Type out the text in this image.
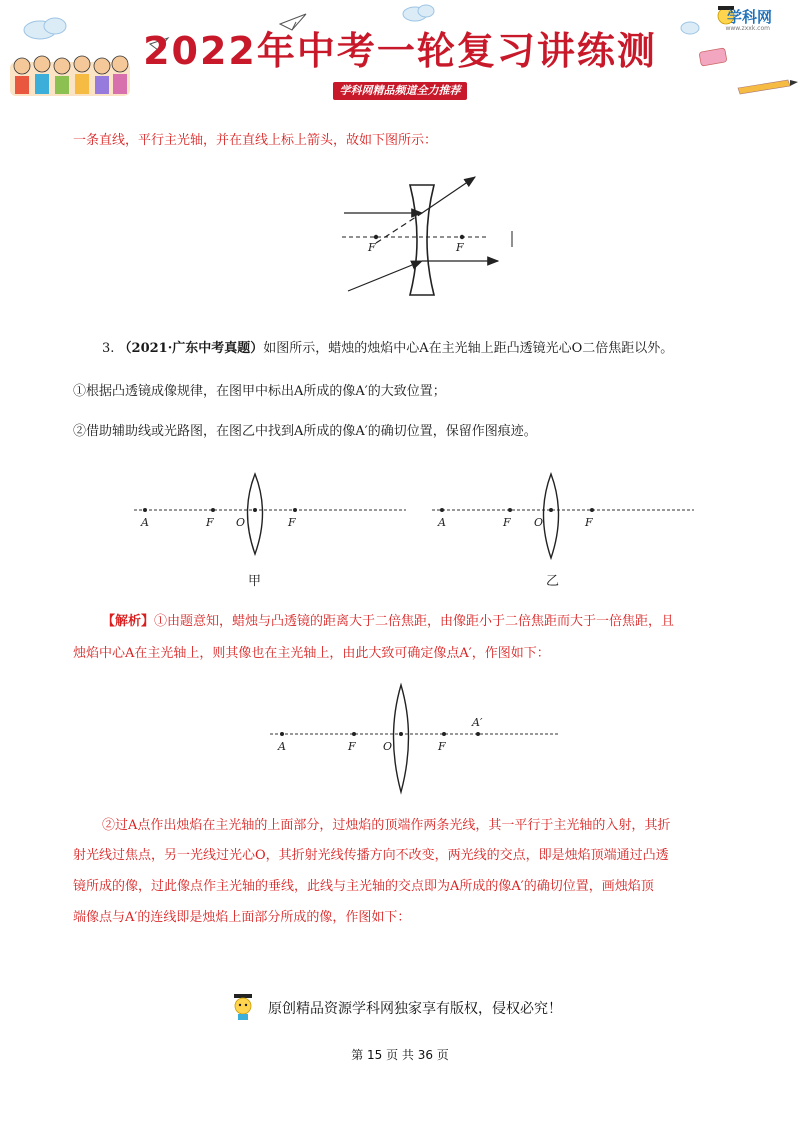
学科网
www.zxxk.com
2022年中考一轮复习讲练测
学科网精品频道全力推荐
一条直线，平行主光轴，并在直线上标上箭头，故如下图所示：
F	F
3. （2021·广东中考真题）如图所示，蜡烛的烛焰中心A在主光轴上距凸透镜光心O二倍焦距以外。
①根据凸透镜成像规律，在图甲中标出A所成的像A′的大致位置；
②借助辅助线或光路图，在图乙中找到A所成的像A′的确切位置，保留作图痕迹。
A	F O	F
甲
A	F O	F
乙
【解析】①由题意知，蜡烛与凸透镜的距离大于二倍焦距，由像距小于二倍焦距而大于一倍焦距，且
烛焰中心A在主光轴上，则其像也在主光轴上，由此大致可确定像点A′，作图如下：
A	F O	F
A′
②过A点作出烛焰在主光轴的上面部分，过烛焰的顶端作两条光线，其一平行于主光轴的入射，其折
射光线过焦点，另一光线过光心O，其折射光线传播方向不改变，两光线的交点，即是烛焰顶端通过凸透
镜所成的像，过此像点作主光轴的垂线，此线与主光轴的交点即为A所成的像A′的确切位置，画烛焰顶
端像点与A′的连线即是烛焰上面部分所成的像，作图如下：
原创精品资源学科网独家享有版权，侵权必究！
第 15 页 共 36 页
